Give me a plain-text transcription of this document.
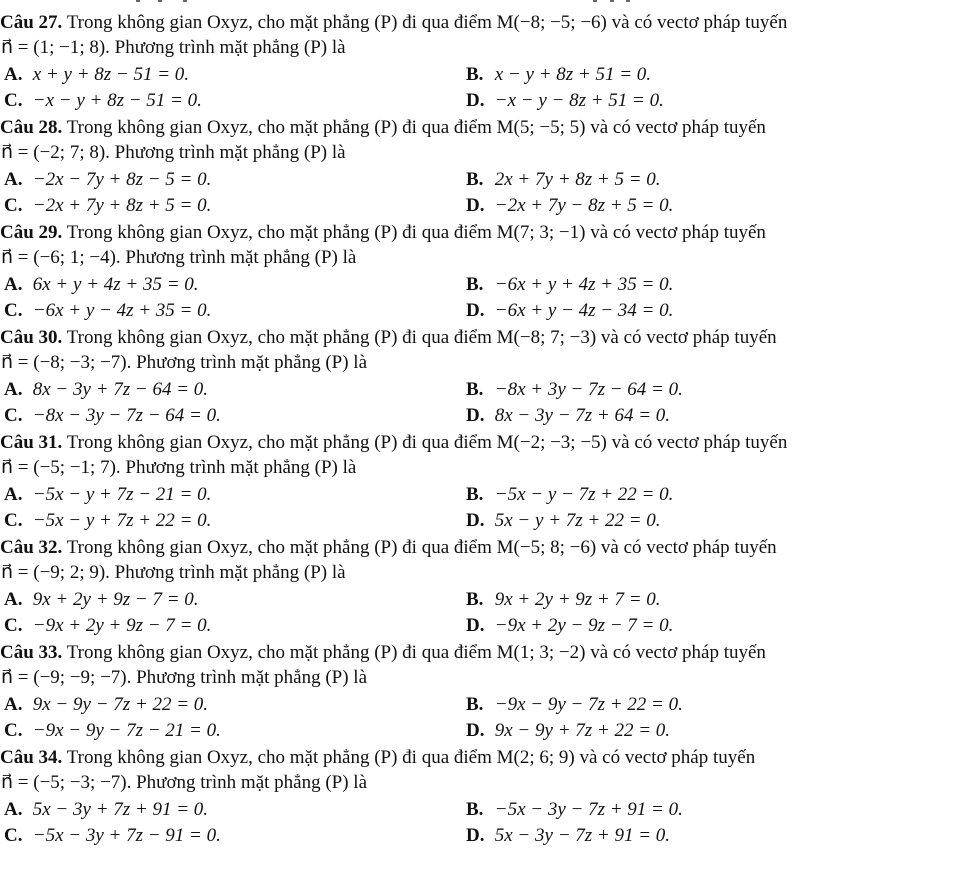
Câu 27. Trong không gian Oxyz, cho mặt phẳng (P) đi qua điểm M(−8; −5; −6) và có vectơ pháp tuyến
n⃗ = (1; −1; 8). Phương trình mặt phẳng (P) là
A. x + y + 8z − 51 = 0.	B. x − y + 8z + 51 = 0.
C. −x − y + 8z − 51 = 0.	D. −x − y − 8z + 51 = 0.
Câu 28. Trong không gian Oxyz, cho mặt phẳng (P) đi qua điểm M(5; −5; 5) và có vectơ pháp tuyến
n⃗ = (−2; 7; 8). Phương trình mặt phẳng (P) là
A. −2x − 7y + 8z − 5 = 0.	B. 2x + 7y + 8z + 5 = 0.
C. −2x + 7y + 8z + 5 = 0.	D. −2x + 7y − 8z + 5 = 0.
Câu 29. Trong không gian Oxyz, cho mặt phẳng (P) đi qua điểm M(7; 3; −1) và có vectơ pháp tuyến
n⃗ = (−6; 1; −4). Phương trình mặt phẳng (P) là
A. 6x + y + 4z + 35 = 0.	B. −6x + y + 4z + 35 = 0.
C. −6x + y − 4z + 35 = 0.	D. −6x + y − 4z − 34 = 0.
Câu 30. Trong không gian Oxyz, cho mặt phẳng (P) đi qua điểm M(−8; 7; −3) và có vectơ pháp tuyến
n⃗ = (−8; −3; −7). Phương trình mặt phẳng (P) là
A. 8x − 3y + 7z − 64 = 0.	B. −8x + 3y − 7z − 64 = 0.
C. −8x − 3y − 7z − 64 = 0.	D. 8x − 3y − 7z + 64 = 0.
Câu 31. Trong không gian Oxyz, cho mặt phẳng (P) đi qua điểm M(−2; −3; −5) và có vectơ pháp tuyến
n⃗ = (−5; −1; 7). Phương trình mặt phẳng (P) là
A. −5x − y + 7z − 21 = 0.	B. −5x − y − 7z + 22 = 0.
C. −5x − y + 7z + 22 = 0.	D. 5x − y + 7z + 22 = 0.
Câu 32. Trong không gian Oxyz, cho mặt phẳng (P) đi qua điểm M(−5; 8; −6) và có vectơ pháp tuyến
n⃗ = (−9; 2; 9). Phương trình mặt phẳng (P) là
A. 9x + 2y + 9z − 7 = 0.	B. 9x + 2y + 9z + 7 = 0.
C. −9x + 2y + 9z − 7 = 0.	D. −9x + 2y − 9z − 7 = 0.
Câu 33. Trong không gian Oxyz, cho mặt phẳng (P) đi qua điểm M(1; 3; −2) và có vectơ pháp tuyến
n⃗ = (−9; −9; −7). Phương trình mặt phẳng (P) là
A. 9x − 9y − 7z + 22 = 0.	B. −9x − 9y − 7z + 22 = 0.
C. −9x − 9y − 7z − 21 = 0.	D. 9x − 9y + 7z + 22 = 0.
Câu 34. Trong không gian Oxyz, cho mặt phẳng (P) đi qua điểm M(2; 6; 9) và có vectơ pháp tuyến
n⃗ = (−5; −3; −7). Phương trình mặt phẳng (P) là
A. 5x − 3y + 7z + 91 = 0.	B. −5x − 3y − 7z + 91 = 0.
C. −5x − 3y + 7z − 91 = 0.	D. 5x − 3y − 7z + 91 = 0.
